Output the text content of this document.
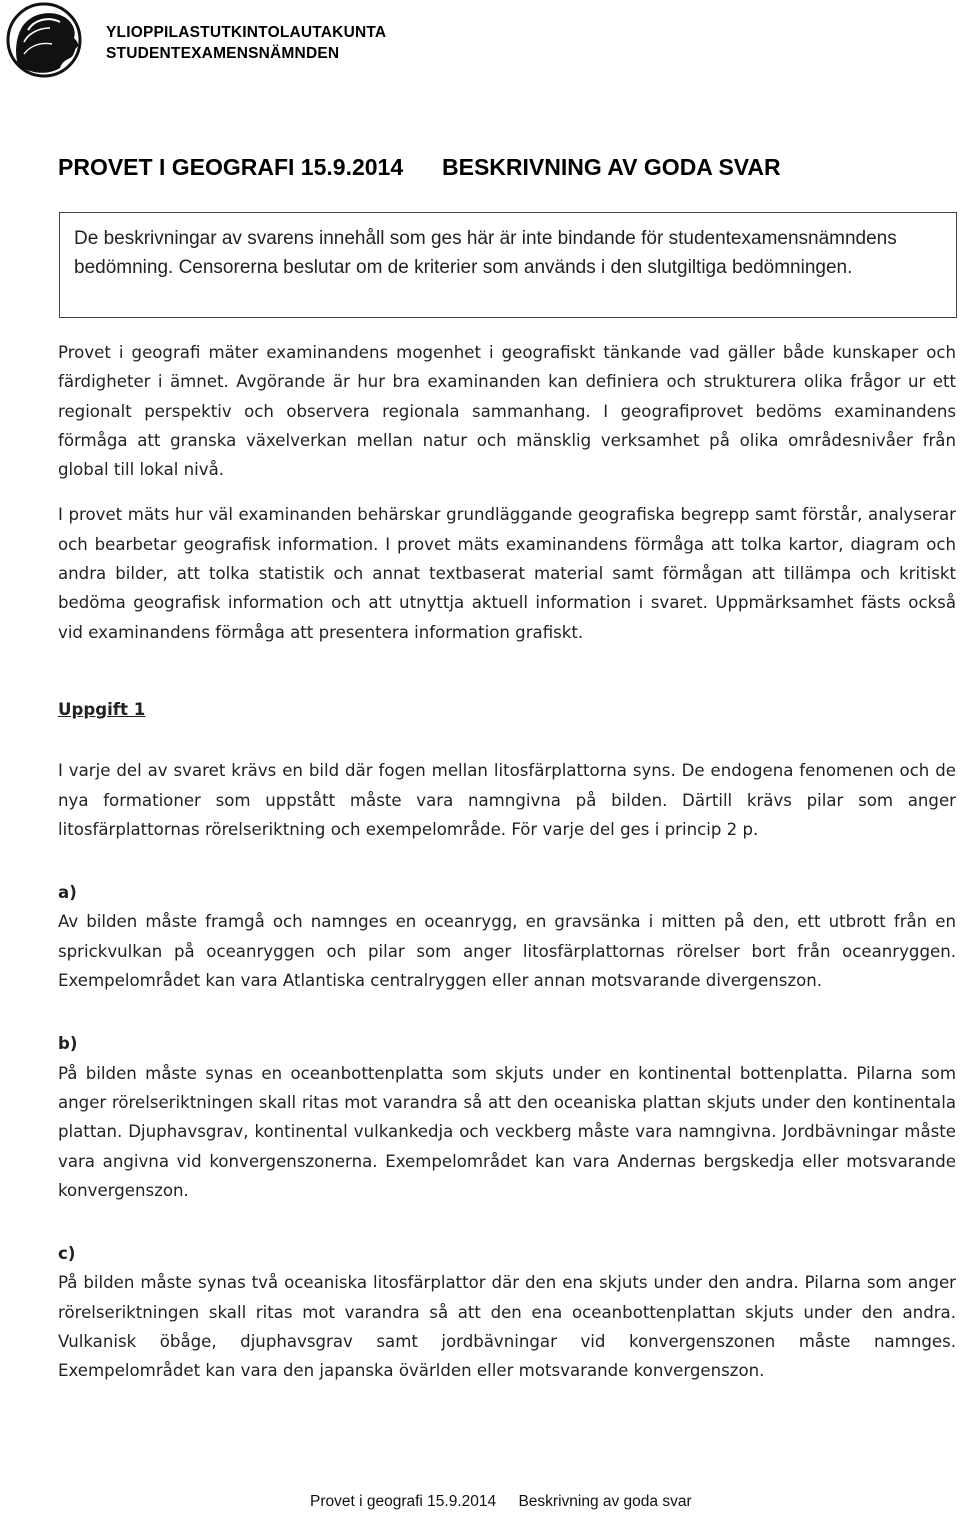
YLIOPPILASTUTKINTOLAUTAKUNTA
STUDENTEXAMENSNÄMNDEN
PROVET I GEOGRAFI 15.9.2014 BESKRIVNING AV GODA SVAR
De beskrivningar av svarens innehåll som ges här är inte bindande för studentexamensnämndens bedömning. Censorerna beslutar om de kriterier som används i den slutgiltiga bedömningen.

Provet i geografi mäter examinandens mogenhet i geografiskt tänkande vad gäller både kunskaper och färdigheter i ämnet. Avgörande är hur bra examinanden kan definiera och strukturera olika frågor ur ett regionalt perspektiv och observera regionala sammanhang. I geografiprovet bedöms examinandens förmåga att granska växelverkan mellan natur och mänsklig verksamhet på olika områdesnivåer från global till lokal nivå.

I provet mäts hur väl examinanden behärskar grundläggande geografiska begrepp samt förstår, analyserar och bearbetar geografisk information. I provet mäts examinandens förmåga att tolka kartor, diagram och andra bilder, att tolka statistik och annat textbaserat material samt förmågan att tillämpa och kritiskt bedöma geografisk information och att utnyttja aktuell information i svaret. Uppmärksamhet fästs också vid examinandens förmåga att presentera information grafiskt.

Uppgift 1

I varje del av svaret krävs en bild där fogen mellan litosfärplattorna syns. De endogena fenomenen och de nya formationer som uppstått måste vara namngivna på bilden. Därtill krävs pilar som anger litosfärplattornas rörelseriktning och exempelområde. För varje del ges i princip 2 p.

a)

Av bilden måste framgå och namnges en oceanrygg, en gravsänka i mitten på den, ett utbrott från en sprickvulkan på oceanryggen och pilar som anger litosfärplattornas rörelser bort från oceanryggen. Exempelområdet kan vara Atlantiska centralryggen eller annan motsvarande divergenszon.

b)

På bilden måste synas en oceanbottenplatta som skjuts under en kontinental bottenplatta. Pilarna som anger rörelseriktningen skall ritas mot varandra så att den oceaniska plattan skjuts under den kontinentala plattan. Djuphavsgrav, kontinental vulkankedja och veckberg måste vara namngivna. Jordbävningar måste vara angivna vid konvergenszonerna. Exempelområdet kan vara Andernas bergskedja eller motsvarande konvergenszon.

c)

På bilden måste synas två oceaniska litosfärplattor där den ena skjuts under den andra. Pilarna som anger rörelseriktningen skall ritas mot varandra så att den ena oceanbottenplattan skjuts under den andra. Vulkanisk öbåge, djuphavsgrav samt jordbävningar vid konvergenszonen måste namnges. Exempelområdet kan vara den japanska övärlden eller motsvarande konvergenszon.

Provet i geografi 15.9.2014 Beskrivning av goda svar
